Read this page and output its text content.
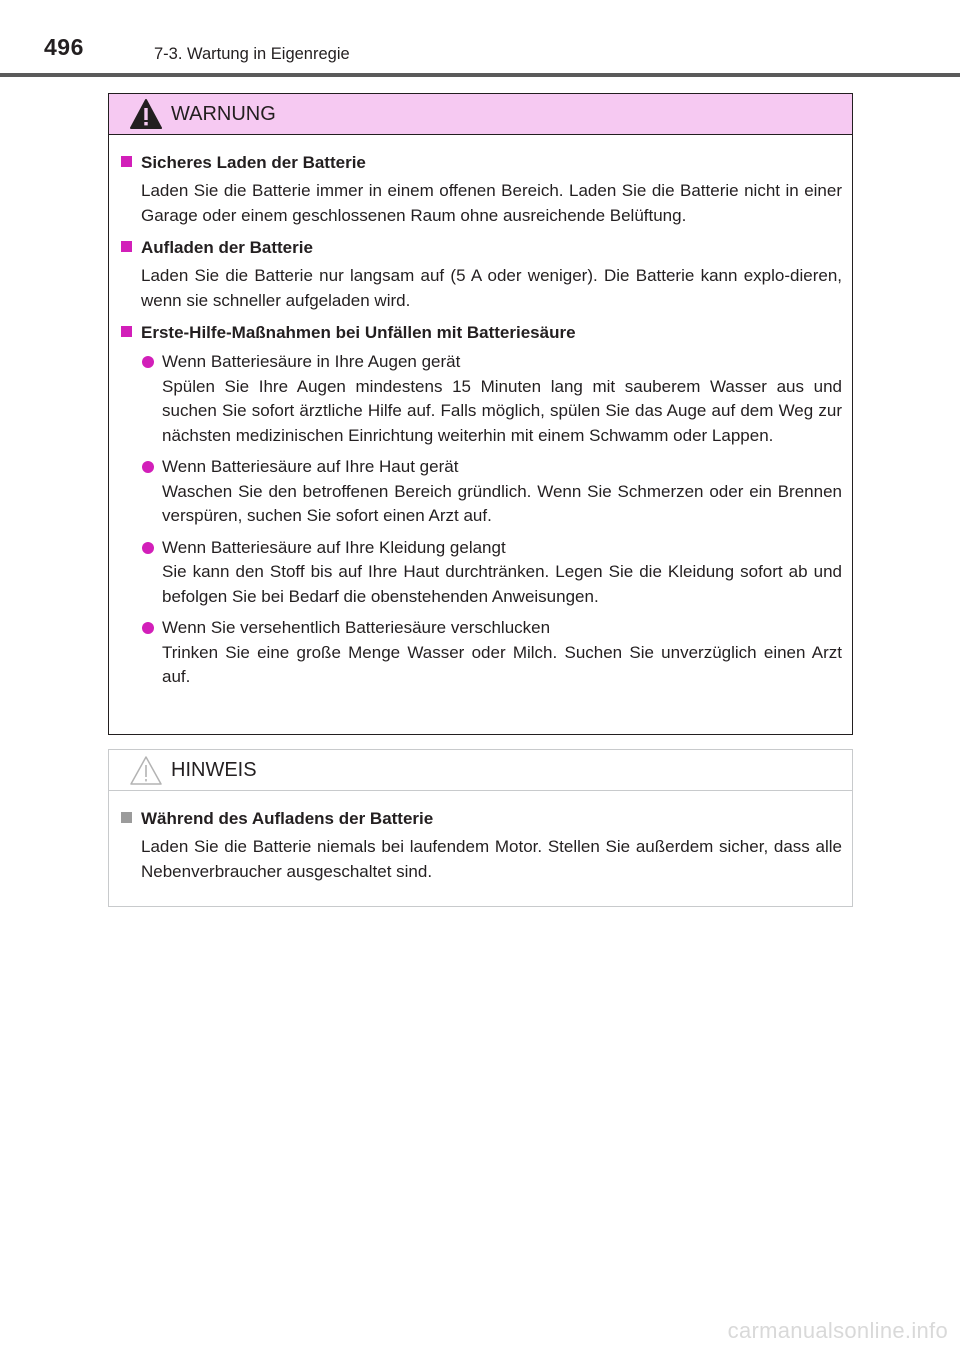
496	7-3. Wartung in Eigenregie
WARNUNG
Sicheres Laden der Batterie
Laden Sie die Batterie immer in einem offenen Bereich. Laden Sie die Batterie nicht in einer Garage oder einem geschlossenen Raum ohne ausreichende Belüftung.
Aufladen der Batterie
Laden Sie die Batterie nur langsam auf (5 A oder weniger). Die Batterie kann explo-dieren, wenn sie schneller aufgeladen wird.
Erste-Hilfe-Maßnahmen bei Unfällen mit Batteriesäure
Wenn Batteriesäure in Ihre Augen gerät
Spülen Sie Ihre Augen mindestens 15 Minuten lang mit sauberem Wasser aus und suchen Sie sofort ärztliche Hilfe auf. Falls möglich, spülen Sie das Auge auf dem Weg zur nächsten medizinischen Einrichtung weiterhin mit einem Schwamm oder Lappen.
Wenn Batteriesäure auf Ihre Haut gerät
Waschen Sie den betroffenen Bereich gründlich. Wenn Sie Schmerzen oder ein Brennen verspüren, suchen Sie sofort einen Arzt auf.
Wenn Batteriesäure auf Ihre Kleidung gelangt
Sie kann den Stoff bis auf Ihre Haut durchtränken. Legen Sie die Kleidung sofort ab und befolgen Sie bei Bedarf die obenstehenden Anweisungen.
Wenn Sie versehentlich Batteriesäure verschlucken
Trinken Sie eine große Menge Wasser oder Milch. Suchen Sie unverzüglich einen Arzt auf.
HINWEIS
Während des Aufladens der Batterie
Laden Sie die Batterie niemals bei laufendem Motor. Stellen Sie außerdem sicher, dass alle Nebenverbraucher ausgeschaltet sind.
carmanualsonline.info
